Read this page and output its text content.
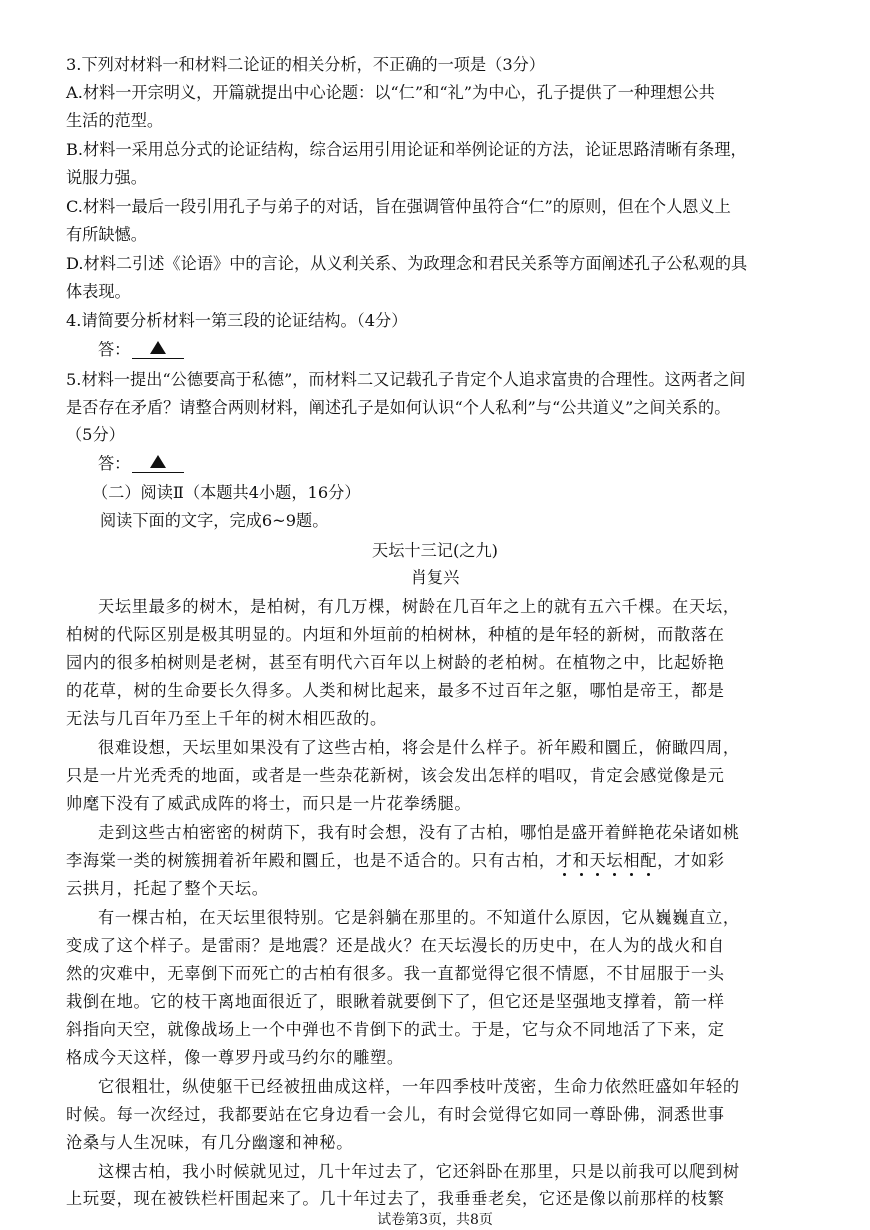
3.下列对材料一和材料二论证的相关分析，不正确的一项是（3分）
A.材料一开宗明义，开篇就提出中心论题：以“仁”和“礼”为中心，孔子提供了一种理想公共
生活的范型。
B.材料一采用总分式的论证结构，综合运用引用论证和举例论证的方法，论证思路清晰有条理，
说服力强。
C.材料一最后一段引用孔子与弟子的对话，旨在强调管仲虽符合“仁”的原则，但在个人恩义上
有所缺憾。
D.材料二引述《论语》中的言论，从义利关系、为政理念和君民关系等方面阐述孔子公私观的具
体表现。
4.请简要分析材料一第三段的论证结构。（4分）
答：
5.材料一提出“公德要高于私德”，而材料二又记载孔子肯定个人追求富贵的合理性。这两者之间
是否存在矛盾？请整合两则材料，阐述孔子是如何认识“个人私利”与“公共道义”之间关系的。
（5分）
答：
（二）阅读Ⅱ（本题共4小题，16分）
阅读下面的文字，完成6~9题。
天坛十三记(之九)
肖复兴
天坛里最多的树木，是柏树，有几万棵，树龄在几百年之上的就有五六千棵。在天坛，
柏树的代际区别是极其明显的。内垣和外垣前的柏树林，种植的是年轻的新树，而散落在
园内的很多柏树则是老树，甚至有明代六百年以上树龄的老柏树。在植物之中，比起娇艳
的花草，树的生命要长久得多。人类和树比起来，最多不过百年之躯，哪怕是帝王，都是
无法与几百年乃至上千年的树木相匹敌的。
很难设想，天坛里如果没有了这些古柏，将会是什么样子。祈年殿和圜丘，俯瞰四周，
只是一片光秃秃的地面，或者是一些杂花新树，该会发出怎样的唱叹，肯定会感觉像是元
帅麾下没有了威武成阵的将士，而只是一片花拳绣腿。
走到这些古柏密密的树荫下，我有时会想，没有了古柏，哪怕是盛开着鲜艳花朵诸如桃
李海棠一类的树簇拥着祈年殿和圜丘，也是不适合的。只有古柏，才和天坛相配，才如彩
云拱月，托起了整个天坛。
有一棵古柏，在天坛里很特别。它是斜躺在那里的。不知道什么原因，它从巍巍直立，
变成了这个样子。是雷雨？是地震？还是战火？在天坛漫长的历史中，在人为的战火和自
然的灾难中，无辜倒下而死亡的古柏有很多。我一直都觉得它很不情愿，不甘屈服于一头
栽倒在地。它的枝干离地面很近了，眼瞅着就要倒下了，但它还是坚强地支撑着，箭一样
斜指向天空，就像战场上一个中弹也不肯倒下的武士。于是，它与众不同地活了下来，定
格成今天这样，像一尊罗丹或马约尔的雕塑。
它很粗壮，纵使躯干已经被扭曲成这样，一年四季枝叶茂密，生命力依然旺盛如年轻的
时候。每一次经过，我都要站在它身边看一会儿，有时会觉得它如同一尊卧佛，洞悉世事
沧桑与人生况味，有几分幽邃和神秘。
这棵古柏，我小时候就见过，几十年过去了，它还斜卧在那里，只是以前我可以爬到树
上玩耍，现在被铁栏杆围起来了。几十年过去了，我垂垂老矣，它还是像以前那样的枝繁
试卷第3页，共8页
